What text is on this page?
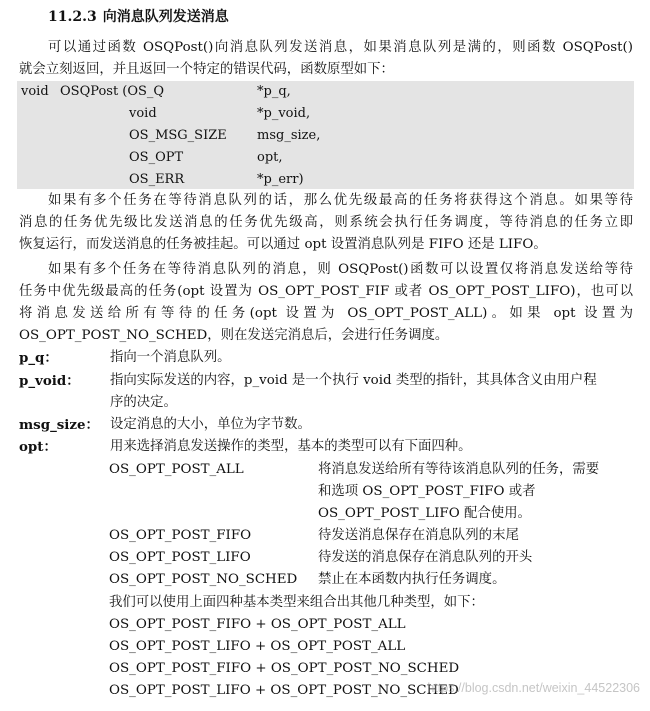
11.2.3 向消息队列发送消息
可以通过函数 OSQPost()向消息队列发送消息，如果消息队列是满的，则函数 OSQPost()
就会立刻返回，并且返回一个特定的错误代码，函数原型如下：
void OSQPost (OS_Q	*p_q,
void	*p_void,
OS_MSG_SIZE msg_size,
OS_OPT	opt,
OS_ERR	*p_err)
如果有多个任务在等待消息队列的话，那么优先级最高的任务将获得这个消息。如果等待
消息的任务优先级比发送消息的任务优先级高，则系统会执行任务调度，等待消息的任务立即
恢复运行，而发送消息的任务被挂起。可以通过 opt 设置消息队列是 FIFO 还是 LIFO。
如果有多个任务在等待消息队列的消息，则 OSQPost()函数可以设置仅将消息发送给等待
任务中优先级最高的任务(opt 设置为 OS_OPT_POST_FIF 或者 OS_OPT_POST_LIFO)，也可以
将消息发送给所有等待的任务(opt 设置为 OS_OPT_POST_ALL)。如果 opt 设置为
OS_OPT_POST_NO_SCHED，则在发送完消息后，会进行任务调度。
p_q：	指向一个消息队列。
p_void： 指向实际发送的内容，p_void 是一个执行 void 类型的指针，其具体含义由用户程
序的决定。
msg_size： 设定消息的大小，单位为字节数。
opt：	用来选择消息发送操作的类型，基本的类型可以有下面四种。
OS_OPT_POST_ALL	将消息发送给所有等待该消息队列的任务，需要
和选项 OS_OPT_POST_FIFO 或者
OS_OPT_POST_LIFO 配合使用。
OS_OPT_POST_FIFO	待发送消息保存在消息队列的末尾
OS_OPT_POST_LIFO	待发送的消息保存在消息队列的开头
OS_OPT_POST_NO_SCHED 禁止在本函数内执行任务调度。
我们可以使用上面四种基本类型来组合出其他几种类型，如下：
OS_OPT_POST_FIFO + OS_OPT_POST_ALL
OS_OPT_POST_LIFO + OS_OPT_POST_ALL
OS_OPT_POST_FIFO + OS_OPT_POST_NO_SCHED
OS_OPT_POST_LIFO + OS_OPT_POST_NO_SCHED
https://blog.csdn.net/weixin_44522306
